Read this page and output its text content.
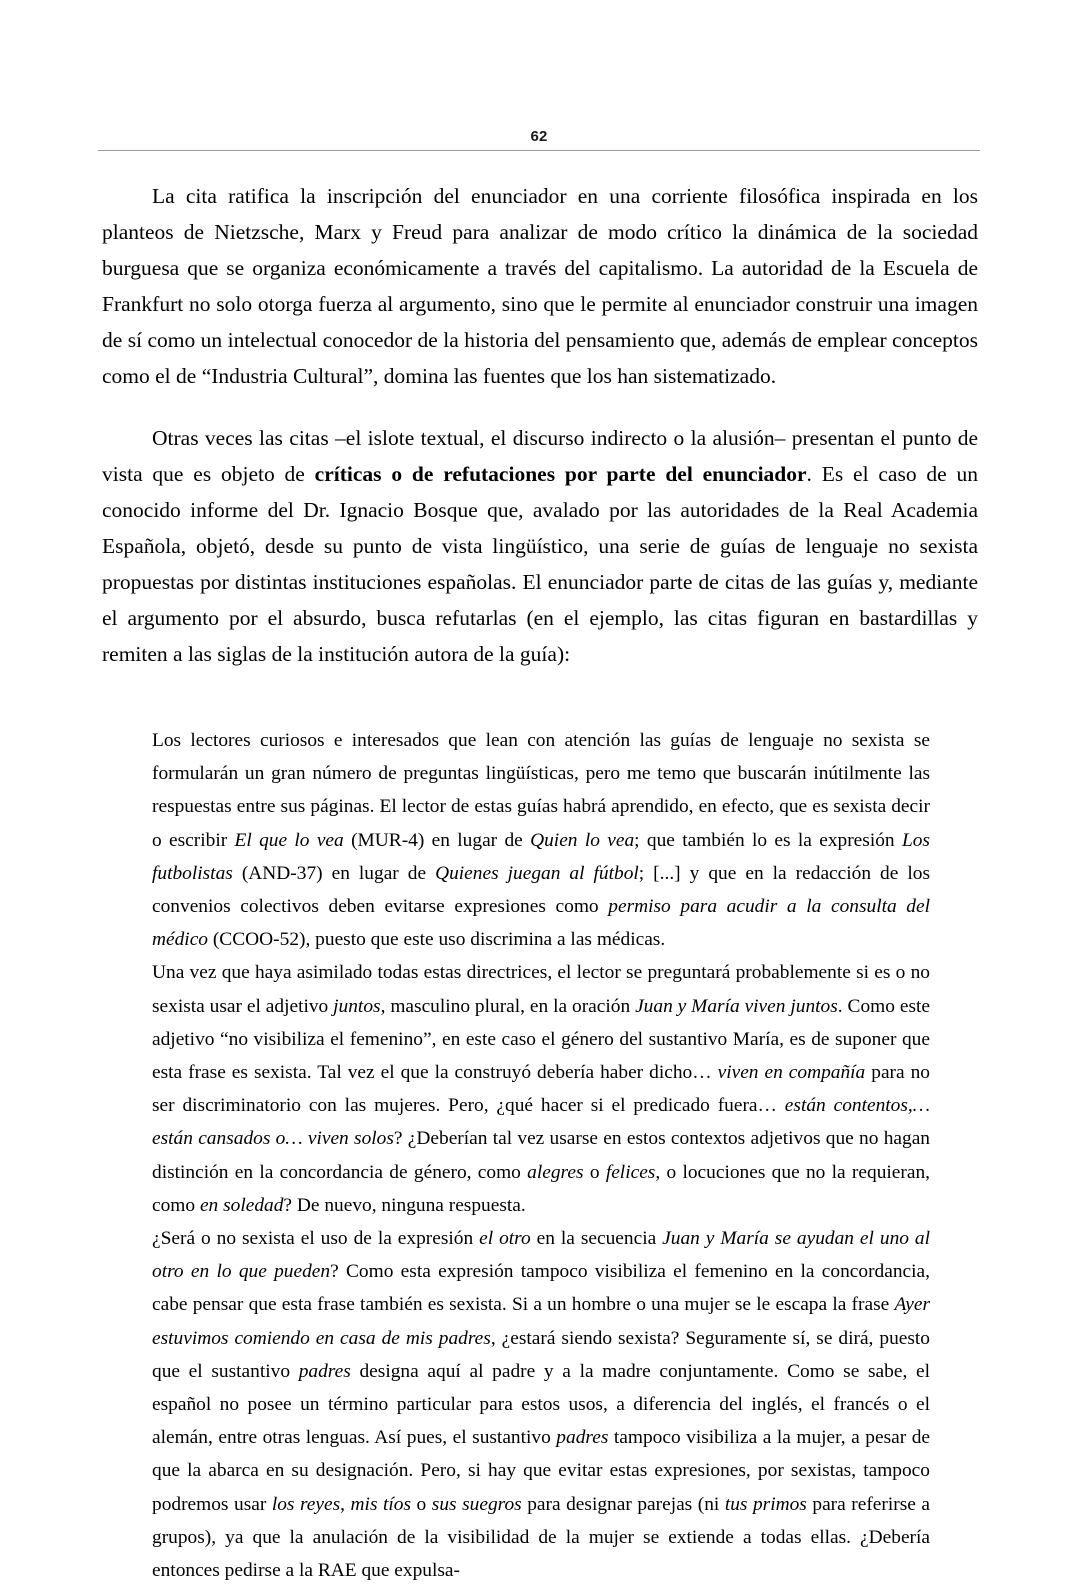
62

La cita ratifica la inscripción del enunciador en una corriente filosófica inspirada en los planteos de Nietzsche, Marx y Freud para analizar de modo crítico la dinámica de la sociedad burguesa que se organiza económicamente a través del capitalismo. La autoridad de la Escuela de Frankfurt no solo otorga fuerza al argumento, sino que le permite al enunciador construir una imagen de sí como un intelectual conocedor de la historia del pensamiento que, además de emplear conceptos como el de “Industria Cultural”, domina las fuentes que los han sistematizado.

Otras veces las citas –el islote textual, el discurso indirecto o la alusión– presentan el punto de vista que es objeto de críticas o de refutaciones por parte del enunciador. Es el caso de un conocido informe del Dr. Ignacio Bosque que, avalado por las autoridades de la Real Academia Española, objetó, desde su punto de vista lingüístico, una serie de guías de lenguaje no sexista propuestas por distintas instituciones españolas. El enunciador parte de citas de las guías y, mediante el argumento por el absurdo, busca refutarlas (en el ejemplo, las citas figuran en bastardillas y remiten a las siglas de la institución autora de la guía):

Los lectores curiosos e interesados que lean con atención las guías de lenguaje no sexista se formularán un gran número de preguntas lingüísticas, pero me temo que buscarán inútilmente las respuestas entre sus páginas. El lector de estas guías habrá aprendido, en efecto, que es sexista decir o escribir El que lo vea (MUR-4) en lugar de Quien lo vea; que también lo es la expresión Los futbolistas (AND-37) en lugar de Quienes juegan al fútbol; [...] y que en la redacción de los convenios colectivos deben evitarse expresiones como permiso para acudir a la consulta del médico (CCOO-52), puesto que este uso discrimina a las médicas.

Una vez que haya asimilado todas estas directrices, el lector se preguntará probablemente si es o no sexista usar el adjetivo juntos, masculino plural, en la oración Juan y María viven juntos. Como este adjetivo “no visibiliza el femenino”, en este caso el género del sustantivo María, es de suponer que esta frase es sexista. Tal vez el que la construyó debería haber dicho… viven en compañía para no ser discriminatorio con las mujeres. Pero, ¿qué hacer si el predicado fuera… están contentos,… están cansados o… viven solos? ¿Deberían tal vez usarse en estos contextos adjetivos que no hagan distinción en la concordancia de género, como alegres o felices, o locuciones que no la requieran, como en soledad? De nuevo, ninguna respuesta.

¿Será o no sexista el uso de la expresión el otro en la secuencia Juan y María se ayudan el uno al otro en lo que pueden? Como esta expresión tampoco visibiliza el femenino en la concordancia, cabe pensar que esta frase también es sexista. Si a un hombre o una mujer se le escapa la frase Ayer estuvimos comiendo en casa de mis padres, ¿estará siendo sexista? Seguramente sí, se dirá, puesto que el sustantivo padres designa aquí al padre y a la madre conjuntamente. Como se sabe, el español no posee un término particular para estos usos, a diferencia del inglés, el francés o el alemán, entre otras lenguas. Así pues, el sustantivo padres tampoco visibiliza a la mujer, a pesar de que la abarca en su designación. Pero, si hay que evitar estas expresiones, por sexistas, tampoco podremos usar los reyes, mis tíos o sus suegros para designar parejas (ni tus primos para referirse a grupos), ya que la anulación de la visibilidad de la mujer se extiende a todas ellas. ¿Debería entonces pedirse a la RAE que expulsa-
